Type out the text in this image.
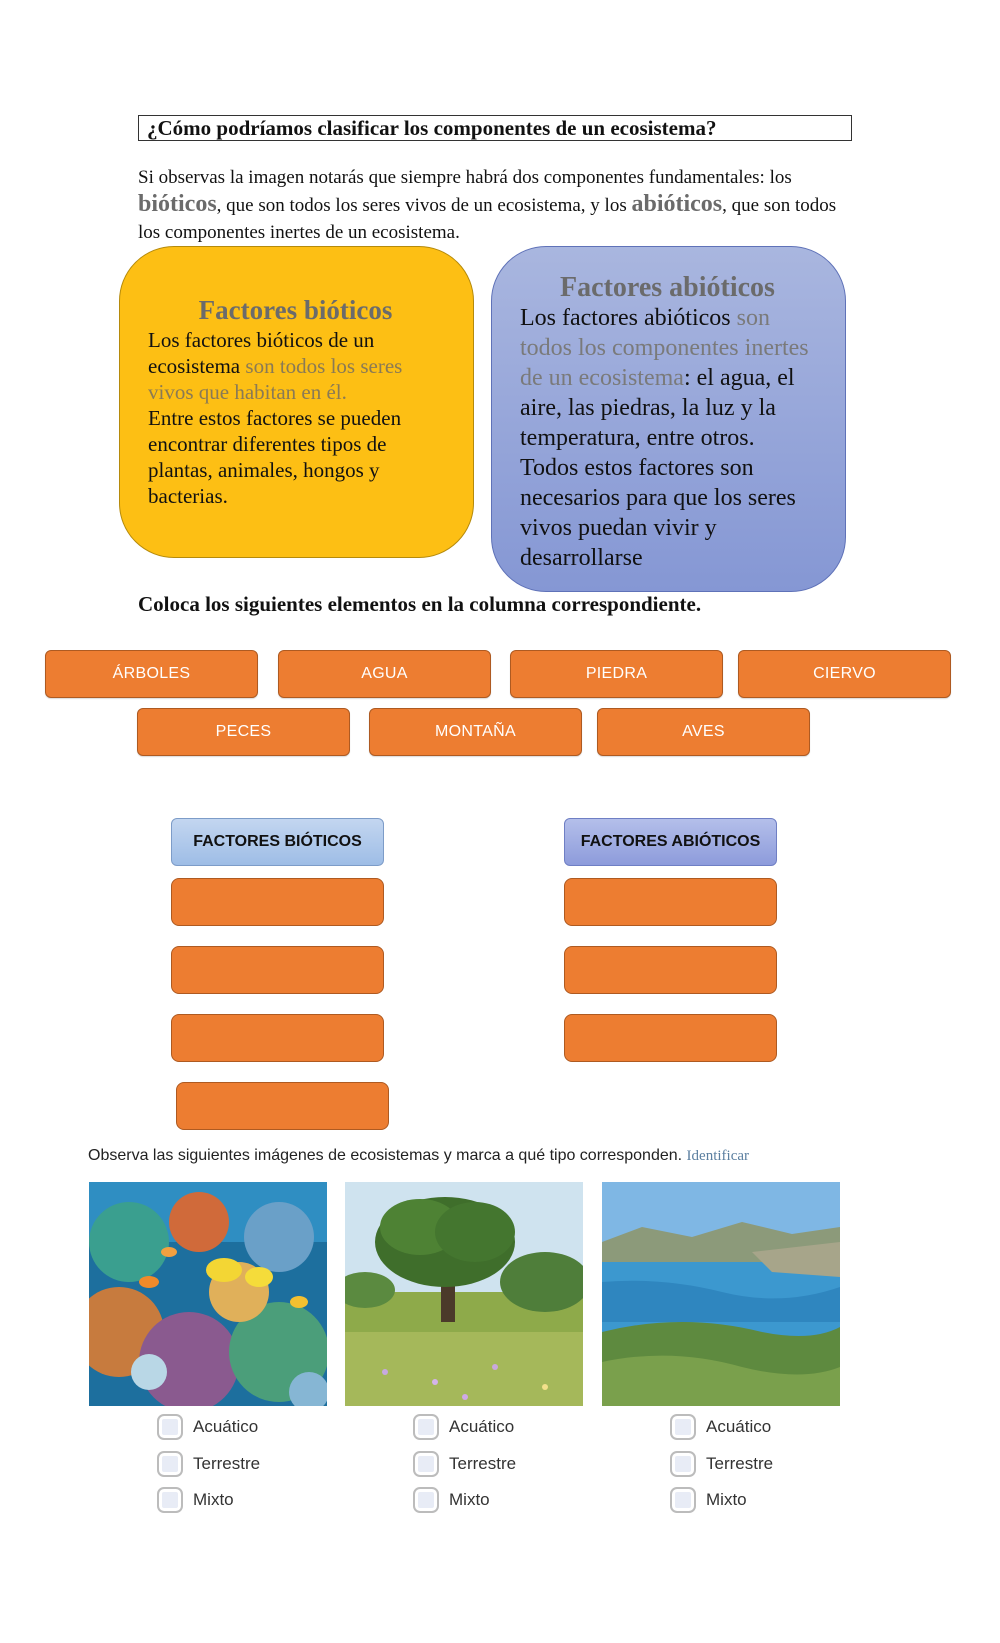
¿Cómo podríamos clasificar los componentes de un ecosistema?
Si observas la imagen notarás que siempre habrá dos componentes fundamentales: los bióticos, que son todos los seres vivos de un ecosistema, y los abióticos, que son todos los componentes inertes de un ecosistema.
Factores bióticos
Los factores bióticos de un ecosistema son todos los seres vivos que habitan en él.
Entre estos factores se pueden encontrar diferentes tipos de plantas, animales, hongos y bacterias.
Factores abióticos
Los factores abióticos son todos los componentes inertes de un ecosistema: el agua, el aire, las piedras, la luz y la temperatura, entre otros. Todos estos factores son necesarios para que los seres vivos puedan vivir y desarrollarse
Coloca los siguientes elementos en la columna correspondiente.
ÁRBOLES	AGUA	PIEDRA	CIERVO
PECES	MONTAÑA	AVES
FACTORES BIÓTICOS	FACTORES ABIÓTICOS
Observa las siguientes imágenes de ecosistemas y marca a qué tipo corresponden. Identificar
Acuático
Terrestre
Mixto
Acuático
Terrestre
Mixto
Acuático
Terrestre
Mixto
